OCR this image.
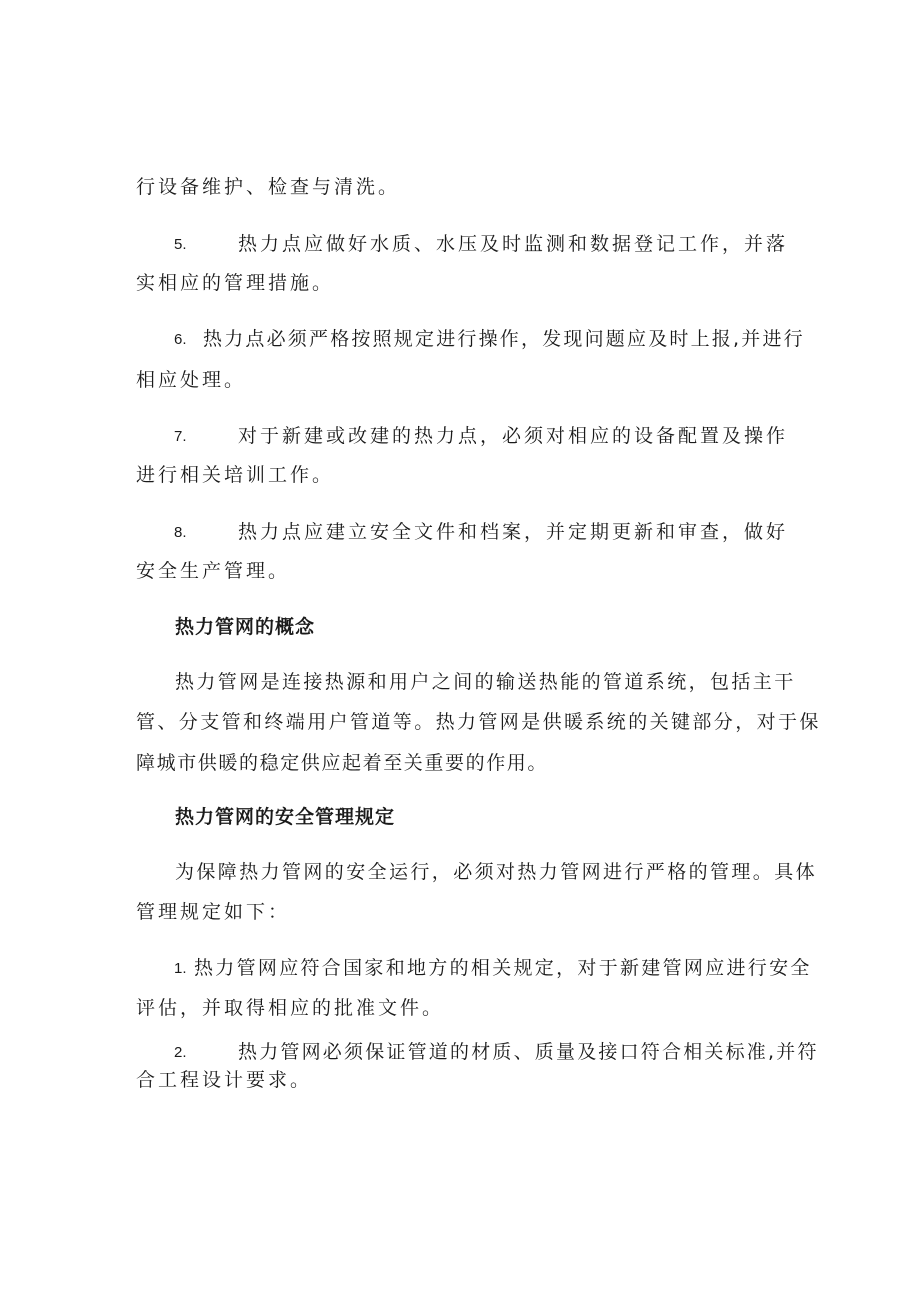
行设备维护、检查与清洗。
5.	热力点应做好水质、水压及时监测和数据登记工作，并落
实相应的管理措施。
6. 热力点必须严格按照规定进行操作，发现问题应及时上报,并进行
相应处理。
7.	对于新建或改建的热力点，必须对相应的设备配置及操作
进行相关培训工作。
8.	热力点应建立安全文件和档案，并定期更新和审查，做好
安全生产管理。
热力管网的概念
热力管网是连接热源和用户之间的输送热能的管道系统，包括主干
管、分支管和终端用户管道等。热力管网是供暖系统的关键部分，对于保
障城市供暖的稳定供应起着至关重要的作用。
热力管网的安全管理规定
为保障热力管网的安全运行，必须对热力管网进行严格的管理。具体
管理规定如下：
1. 热力管网应符合国家和地方的相关规定，对于新建管网应进行安全
评估，并取得相应的批准文件。
2.	热力管网必须保证管道的材质、质量及接口符合相关标准,并符
合工程设计要求。
